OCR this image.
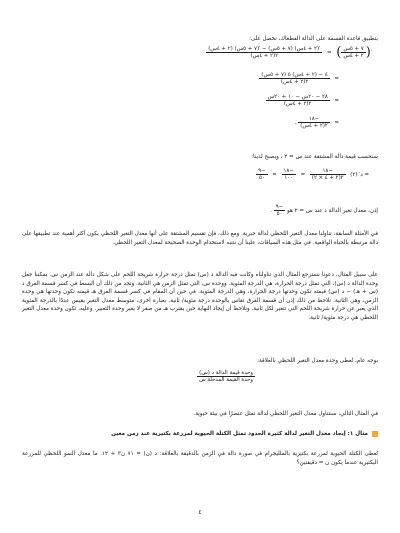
بتطبيق قاعدة القسمة على الدالة الفطغاك، نحصل على:
$\frac{\text{(٢ + ٤س) (٧ + ٥س)′ − (٧ + ٥س) (٢ + ٤س)′}}{\text{٢(٢ + ٤س)}}$ = ( $\frac{\text{٧ + ٥س}}{\text{٢ + ٤س}}$ )′
$\frac{\text{(٧ + ٥س) ٤ − (٢ + ٤س) ٥}}{\text{٢(٢ + ٤س)}}$ =
$\frac{\text{٢٨ − ٢٠س − ١٠ + ٢٠س}}{\text{٢(٢ + ٤س)}}$ =
. $\frac{١٨-}{\text{٢(٢ + ٤س)}}$ =
سنحسب قيمة دالة المشتقة عند س = ٢ ، ويصبح لدينا:
$\frac{٩-}{٥٠} = \frac{١٨-}{١٠٠} = \frac{١٨-}{٢(٢ + ٤ \times ٢)}$ د′ (٢) =
إذن، معدل تغير الدالة د عند س = ٢ هو
$\frac{٩-}{٥٠}$
.
في الأمثلة السابقة، تناولنا معدل التغير اللحظي لدالة جبرية. ومع ذلك، فإن تقسيم المشتقة على أنها معدل التغير اللحظي يكون أكثر أهمية عند تطبيقها على دالة مرتبطة بالحياة الواقعية. في مثل هذه السياقات، علينا أن ننتبه لاستخدام الوحدة الصحيحة لمعدل التغير اللحظي.
على سبيل المثال، دعونا نسترجع المثال الذي تناولناه وكانت فيه الدالة د (س) تمثل درجة حرارة شريحة اللحم على شكل دالة عند الزمن س. يمكننا جعل وحدة الدالة د (س)، التي تمثل درجة الحرارة، هي الدرجة المئوية. ووحدة س، التي تمثل الزمن هي الثانية. ونجد من ذلك أن البسط في كسر قسمة الفرق د (س + هـ) − د (س) قيمته تكون وحدتها درجة الحرارة، وهي الدرجة المئوية. في حين أن المقام في كسر قسمة الفرق هـ قيمته تكون وحدتها هي وحدة الزمن، وهي الثانية. نلاحظ من ذلك إذن أن قسمة الفرق تقاس بالوحدة درجة مئوية/ ثانية. بعبارة أخرى، متوسط معدل التغير يقيس عددًا بالدرجة المئوية الذي يعبر عن حرارة شريحة اللحم التي تتغير لكل ثانية. ونلاحظ أن إيجاد النهاية حين يقترب هـ من صفر لا يغير وحدة التعبير. وعليه، تكون وحدة معدل التغير اللحظي هي درجة مئوية/ ثانية.
بوجه عام، تُعطى وحدة معدل التغير اللحظي بالعلاقة:
$\frac{\text{وحدة قيمة الدالة د (س)}}{\text{وحدة القيمة المدخلة س}}$
في المثال التالي، سنتناول معدل التغير اللحظي لدالة تمثل عنصرًا في بيئة حيوية.
مثال ١: إيجاد معدل التغير لدالة كثيرة الحدود تمثل الكتلة الحيوية لمزرعة بكتيرية عند زمن معين
تُعطى الكتلة الحيوية لمزرعة بكتيرية بالملليجرام في صورة دالة في الزمن بالدقيقة بالعلاقة: د (ن) = ٧١ ن٣ + ١٢. ما معدل النمو اللحظي للمزرعة البكتيرية عندما يكون ن = دقيقتين؟
٤
